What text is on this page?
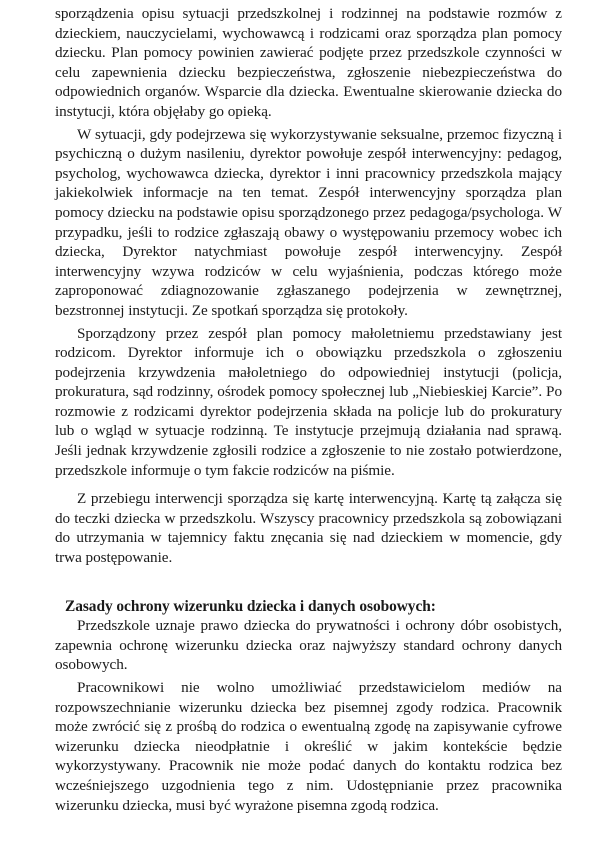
sporządzenia opisu sytuacji przedszkolnej i rodzinnej na podstawie rozmów z dzieckiem, nauczycielami, wychowawcą i rodzicami oraz sporządza plan pomocy dziecku. Plan pomocy powinien zawierać podjęte przez przedszkole czynności w celu zapewnienia dziecku bezpieczeństwa, zgłoszenie niebezpieczeństwa do odpowiednich organów. Wsparcie dla dziecka. Ewentualne skierowanie dziecka do instytucji, która objęłaby go opieką.

W sytuacji, gdy podejrzewa się wykorzystywanie seksualne, przemoc fizyczną i psychiczną o dużym nasileniu, dyrektor powołuje zespół interwencyjny: pedagog, psycholog, wychowawca dziecka, dyrektor i inni pracownicy przedszkola mający jakiekolwiek informacje na ten temat. Zespół interwencyjny sporządza plan pomocy dziecku na podstawie opisu sporządzonego przez pedagoga/psychologa. W przypadku, jeśli to rodzice zgłaszają obawy o występowaniu przemocy wobec ich dziecka, Dyrektor natychmiast powołuje zespół interwencyjny. Zespół interwencyjny wzywa rodziców w celu wyjaśnienia, podczas którego może zaproponować zdiagnozowanie zgłaszanego podejrzenia w zewnętrznej, bezstronnej instytucji. Ze spotkań sporządza się protokoły.

Sporządzony przez zespół plan pomocy małoletniemu przedstawiany jest rodzicom. Dyrektor informuje ich o obowiązku przedszkola o zgłoszeniu podejrzenia krzywdzenia małoletniego do odpowiedniej instytucji (policja, prokuratura, sąd rodzinny, ośrodek pomocy społecznej lub „Niebieskiej Karcie”. Po rozmowie z rodzicami dyrektor podejrzenia składa na policje lub do prokuratury lub o wgląd w sytuacje rodzinną. Te instytucje przejmują działania nad sprawą. Jeśli jednak krzywdzenie zgłosili rodzice a zgłoszenie to nie zostało potwierdzone, przedszkole informuje o tym fakcie rodziców na piśmie.

Z przebiegu interwencji sporządza się kartę interwencyjną. Kartę tą załącza się do teczki dziecka w przedszkolu. Wszyscy pracownicy przedszkola są zobowiązani do utrzymania w tajemnicy faktu znęcania się nad dzieckiem w momencie, gdy trwa postępowanie.

Zasady ochrony wizerunku dziecka i danych osobowych:

Przedszkole uznaje prawo dziecka do prywatności i ochrony dóbr osobistych, zapewnia ochronę wizerunku dziecka oraz najwyższy standard ochrony danych osobowych.

Pracownikowi nie wolno umożliwiać przedstawicielom mediów na rozpowszechnianie wizerunku dziecka bez pisemnej zgody rodzica. Pracownik może zwrócić się z prośbą do rodzica o ewentualną zgodę na zapisywanie cyfrowe wizerunku dziecka nieodpłatnie i określić w jakim kontekście będzie wykorzystywany. Pracownik nie może podać danych do kontaktu rodzica bez wcześniejszego uzgodnienia tego z nim. Udostępnianie przez pracownika wizerunku dziecka, musi być wyrażone pisemna zgodą rodzica.
